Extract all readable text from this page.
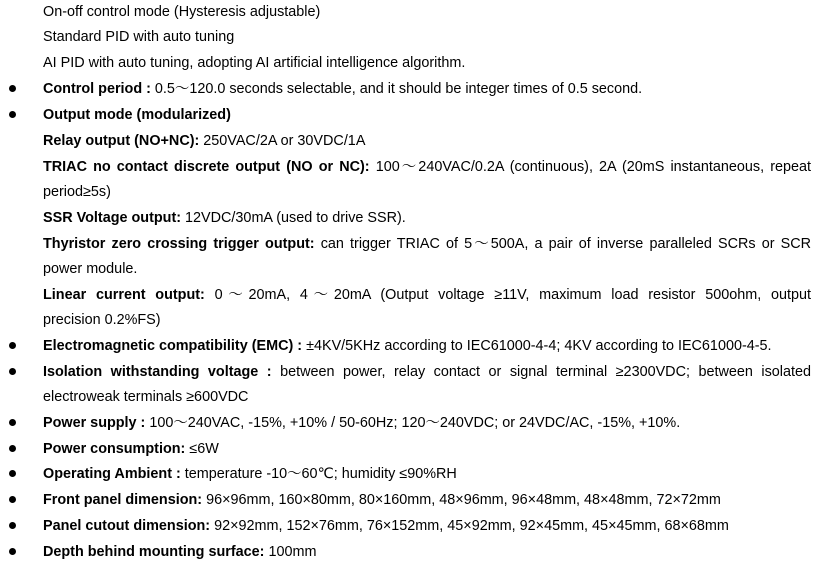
On-off control mode (Hysteresis adjustable)
Standard PID with auto tuning
AI PID with auto tuning, adopting AI artificial intelligence algorithm.
Control period : 0.5～120.0 seconds selectable, and it should be integer times of 0.5 second.
Output mode (modularized)
Relay output (NO+NC): 250VAC/2A or 30VDC/1A
TRIAC no contact discrete output (NO or NC): 100～240VAC/0.2A (continuous), 2A (20mS instantaneous, repeat
period≥5s)
SSR Voltage output: 12VDC/30mA (used to drive SSR).
Thyristor zero crossing trigger output: can trigger TRIAC of 5～500A, a pair of inverse paralleled SCRs or SCR
power module.
Linear current output: 0～20mA, 4～20mA (Output voltage ≥11V, maximum load resistor 500ohm, output
precision 0.2%FS)
Electromagnetic compatibility (EMC) : ±4KV/5KHz according to IEC61000-4-4; 4KV according to IEC61000-4-5.
Isolation withstanding voltage : between power, relay contact or signal terminal ≥2300VDC; between isolated
electroweak terminals ≥600VDC
Power supply : 100～240VAC, -15%, +10% / 50-60Hz; 120～240VDC; or 24VDC/AC, -15%, +10%.
Power consumption: ≤6W
Operating Ambient : temperature -10～60℃; humidity ≤90%RH
Front panel dimension: 96×96mm, 160×80mm, 80×160mm, 48×96mm, 96×48mm, 48×48mm, 72×72mm
Panel cutout dimension: 92×92mm, 152×76mm, 76×152mm, 45×92mm, 92×45mm, 45×45mm, 68×68mm
Depth behind mounting surface: 100mm
